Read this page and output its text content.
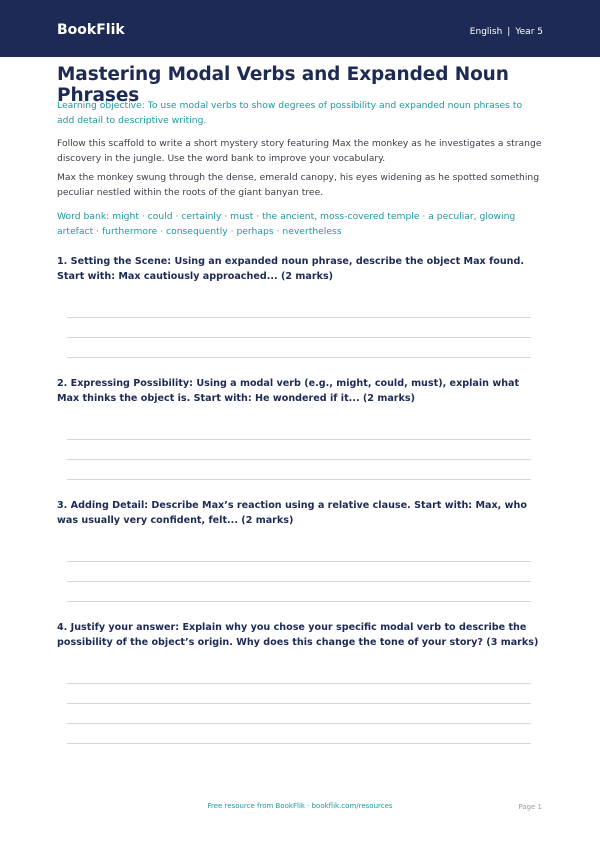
BookFlik	English | Year 5
Mastering Modal Verbs and Expanded Noun Phrases

Learning objective: To use modal verbs to show degrees of possibility and expanded noun phrases to add detail to descriptive writing.

Follow this scaffold to write a short mystery story featuring Max the monkey as he investigates a strange discovery in the jungle. Use the word bank to improve your vocabulary.

Max the monkey swung through the dense, emerald canopy, his eyes widening as he spotted something peculiar nestled within the roots of the giant banyan tree.

Word bank: might · could · certainly · must · the ancient, moss-covered temple · a peculiar, glowing artefact · furthermore · consequently · perhaps · nevertheless

1. Setting the Scene: Using an expanded noun phrase, describe the object Max found. Start with: Max cautiously approached... (2 marks)

2. Expressing Possibility: Using a modal verb (e.g., might, could, must), explain what Max thinks the object is. Start with: He wondered if it... (2 marks)

3. Adding Detail: Describe Max’s reaction using a relative clause. Start with: Max, who was usually very confident, felt... (2 marks)

4. Justify your answer: Explain why you chose your specific modal verb to describe the possibility of the object’s origin. Why does this change the tone of your story? (3 marks)

Free resource from BookFlik · bookflik.com/resources	Page 1
